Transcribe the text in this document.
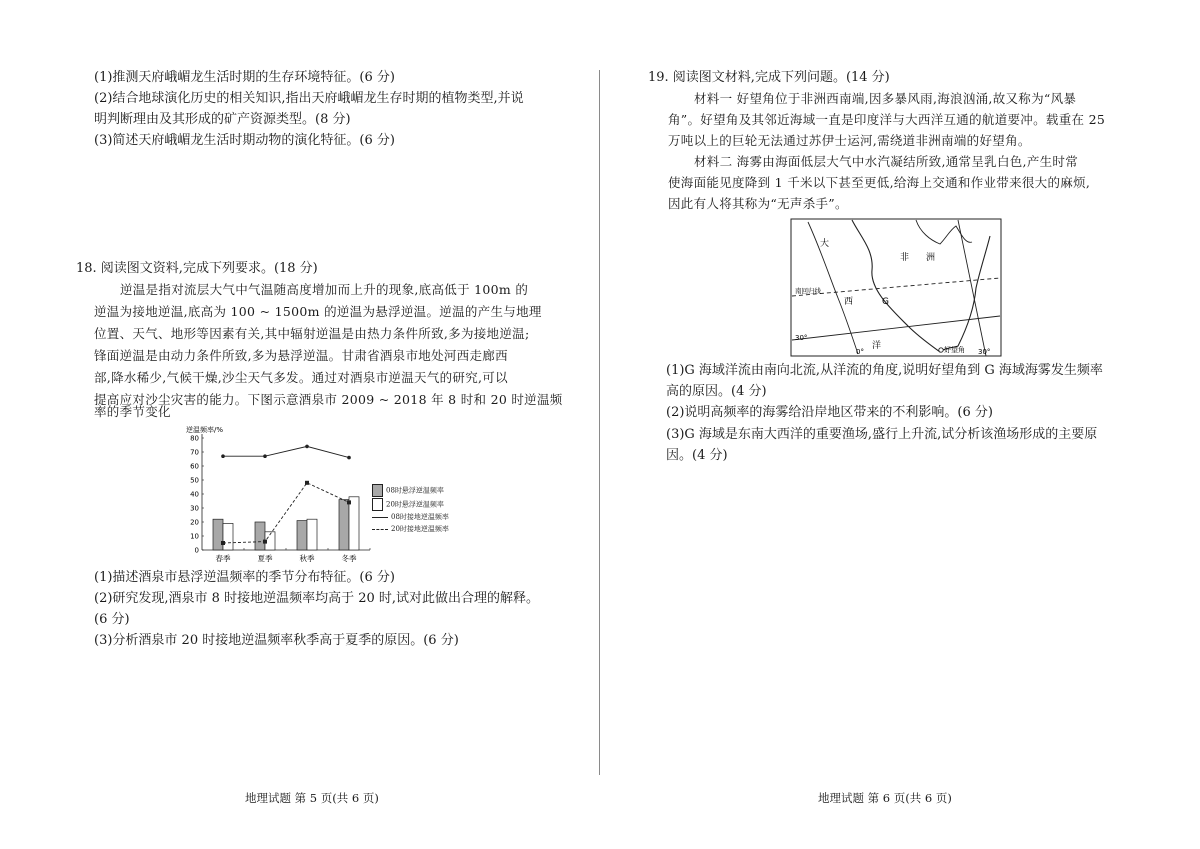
(1)推测天府峨嵋龙生活时期的生存环境特征。(6 分)
(2)结合地球演化历史的相关知识,指出天府峨嵋龙生存时期的植物类型,并说
明判断理由及其形成的矿产资源类型。(8 分)
(3)简述天府峨嵋龙生活时期动物的演化特征。(6 分)
18. 阅读图文资料,完成下列要求。(18 分)
逆温是指对流层大气中气温随高度增加而上升的现象,底高低于 100m 的
逆温为接地逆温,底高为 100 ~ 1500m 的逆温为悬浮逆温。逆温的产生与地理
位置、天气、地形等因素有关,其中辐射逆温是由热力条件所致,多为接地逆温;
锋面逆温是由动力条件所致,多为悬浮逆温。甘肃省酒泉市地处河西走廊西
部,降水稀少,气候干燥,沙尘天气多发。通过对酒泉市逆温天气的研究,可以
提高应对沙尘灾害的能力。下图示意酒泉市 2009 ~ 2018 年 8 时和 20 时逆温频
率的季节变化
逆温频率/%
0
10
20
30
40
50
60
70
80
春季	夏季	秋季	冬季
08时悬浮逆温频率
20时悬浮逆温频率
08时接地逆温频率
20时接地逆温频率
(1)描述酒泉市悬浮逆温频率的季节分布特征。(6 分)
(2)研究发现,酒泉市 8 时接地逆温频率均高于 20 时,试对此做出合理的解释。
(6 分)
(3)分析酒泉市 20 时接地逆温频率秋季高于夏季的原因。(6 分)
地理试题 第 5 页(共 6 页)
19. 阅读图文材料,完成下列问题。(14 分)
材料一 好望角位于非洲西南端,因多暴风雨,海浪汹涌,故又称为“风暴
角”。好望角及其邻近海域一直是印度洋与大西洋互通的航道要冲。载重在 25
万吨以上的巨轮无法通过苏伊士运河,需绕道非洲南端的好望角。
材料二 海雾由海面低层大气中水汽凝结所致,通常呈乳白色,产生时常
使海面能见度降到 1 千米以下甚至更低,给海上交通和作业带来很大的麻烦,
因此有人将其称为“无声杀手”。
大
非 洲
南回归线
西	G
洋
30°
0°	30°
好望角
(1)G 海域洋流由南向北流,从洋流的角度,说明好望角到 G 海域海雾发生频率
高的原因。(4 分)
(2)说明高频率的海雾给沿岸地区带来的不利影响。(6 分)
(3)G 海域是东南大西洋的重要渔场,盛行上升流,试分析该渔场形成的主要原
因。(4 分)
地理试题 第 6 页(共 6 页)
